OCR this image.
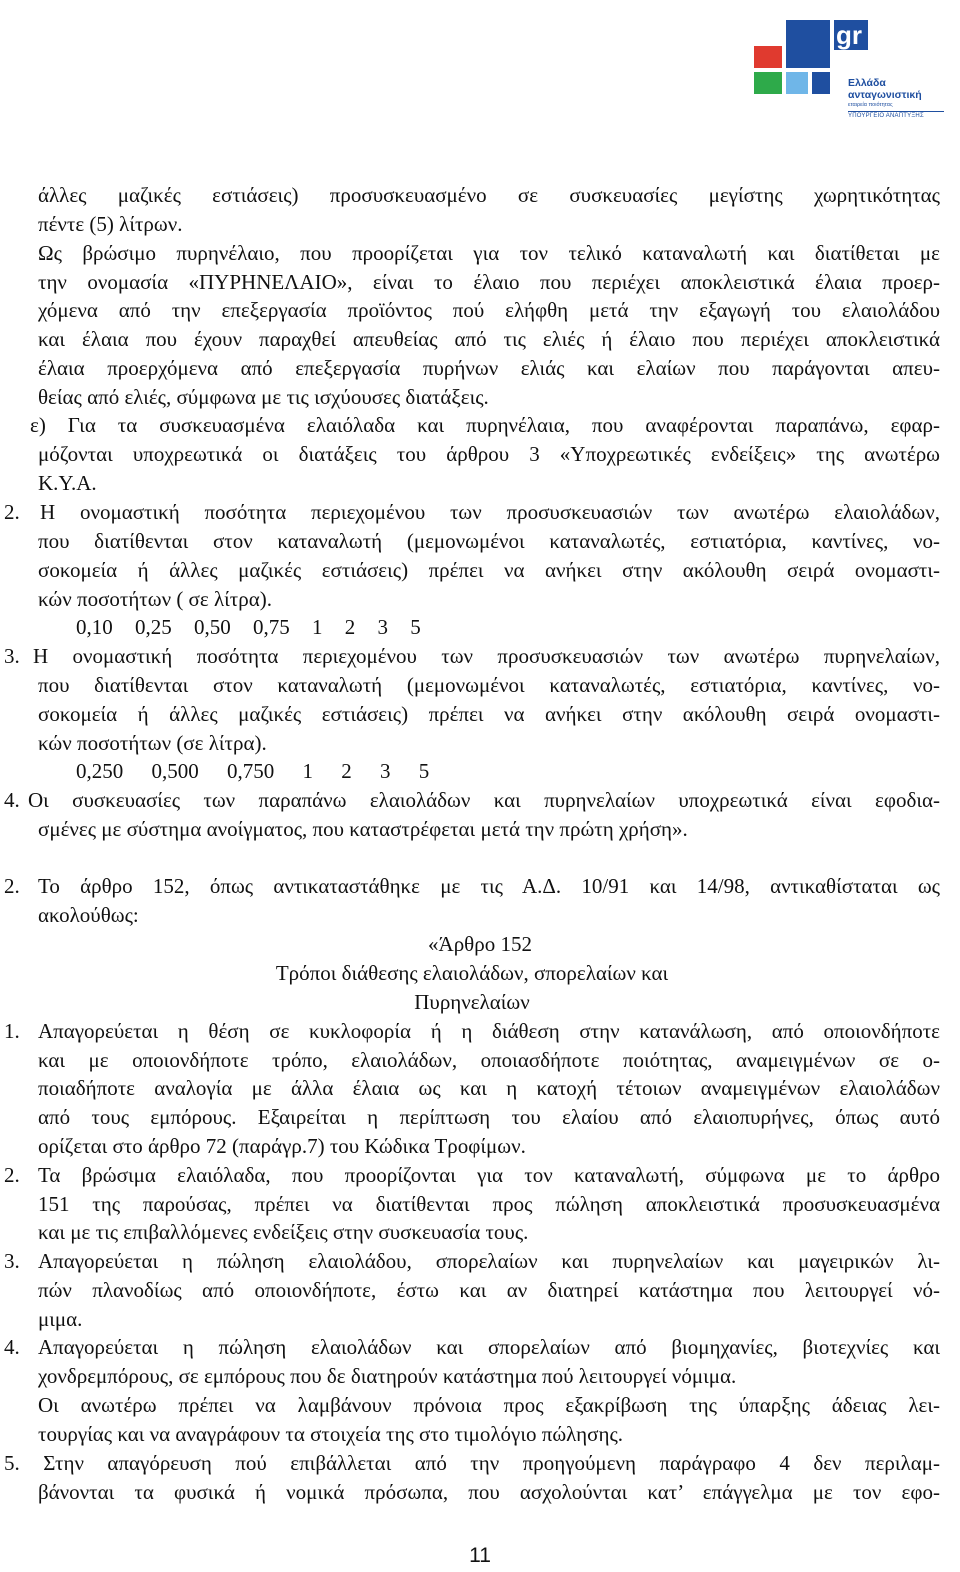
gr
Ελλάδα
ανταγωνιστική
εταιρεία ποιότητας
ΥΠΟΥΡΓΕΙΟ ΑΝΑΠΤΥΞΗΣ
άλλες μαζικές εστιάσεις) προσυσκευασμένο σε συσκευασίες μεγίστης χωρητικότητας
πέντε (5) λίτρων.
Ως βρώσιμο πυρηνέλαιο, που προορίζεται για τον τελικό καταναλωτή και διατίθεται με
την ονομασία «ΠΥΡΗΝΕΛΑΙΟ», είναι το έλαιο που περιέχει αποκλειστικά έλαια προερ-
χόμενα από την επεξεργασία προϊόντος πού ελήφθη μετά την εξαγωγή του ελαιολάδου
και έλαια που έχουν παραχθεί απευθείας από τις ελιές ή έλαιο που περιέχει αποκλειστικά
έλαια προερχόμενα από επεξεργασία πυρήνων ελιάς και ελαίων που παράγονται απευ-
θείας από ελιές, σύμφωνα με τις ισχύουσες διατάξεις.
ε) Για τα συσκευασμένα ελαιόλαδα και πυρηνέλαια, που αναφέρονται παραπάνω, εφαρ-
μόζονται υποχρεωτικά οι διατάξεις του άρθρου 3 «Υποχρεωτικές ενδείξεις» της ανωτέρω
Κ.Υ.Α.
2. Η ονομαστική ποσότητα περιεχομένου των προσυσκευασιών των ανωτέρω ελαιολάδων,
που διατίθενται στον καταναλωτή (μεμονωμένοι καταναλωτές, εστιατόρια, καντίνες, νο-
σοκομεία ή άλλες μαζικές εστιάσεις) πρέπει να ανήκει στην ακόλουθη σειρά ονομαστι-
κών ποσοτήτων ( σε λίτρα).
0,10 0,25 0,50 0,75 1 2 3 5
3. Η ονομαστική ποσότητα περιεχομένου των προσυσκευασιών των ανωτέρω πυρηνελαίων,
που διατίθενται στον καταναλωτή (μεμονωμένοι καταναλωτές, εστιατόρια, καντίνες, νο-
σοκομεία ή άλλες μαζικές εστιάσεις) πρέπει να ανήκει στην ακόλουθη σειρά ονομαστι-
κών ποσοτήτων (σε λίτρα).
0,250 0,500 0,750 1 2 3 5
4. Οι συσκευασίες των παραπάνω ελαιολάδων και πυρηνελαίων υποχρεωτικά είναι εφοδια-
σμένες με σύστημα ανοίγματος, που καταστρέφεται μετά την πρώτη χρήση».
2. Το άρθρο 152, όπως αντικαταστάθηκε με τις Α.Δ. 10/91 και 14/98, αντικαθίσταται ως
ακολούθως:
«Άρθρο 152
Τρόποι διάθεσης ελαιολάδων, σπορελαίων και
Πυρηνελαίων
1. Απαγορεύεται η θέση σε κυκλοφορία ή η διάθεση στην κατανάλωση, από οποιονδήποτε
και με οποιονδήποτε τρόπο, ελαιολάδων, οποιασδήποτε ποιότητας, αναμειγμένων σε ο-
ποιαδήποτε αναλογία με άλλα έλαια ως και η κατοχή τέτοιων αναμειγμένων ελαιολάδων
από τους εμπόρους. Εξαιρείται η περίπτωση του ελαίου από ελαιοπυρήνες, όπως αυτό
ορίζεται στο άρθρο 72 (παράγρ.7) του Κώδικα Τροφίμων.
2. Τα βρώσιμα ελαιόλαδα, που προορίζονται για τον καταναλωτή, σύμφωνα με το άρθρο
151 της παρούσας, πρέπει να διατίθενται προς πώληση αποκλειστικά προσυσκευασμένα
και με τις επιβαλλόμενες ενδείξεις στην συσκευασία τους.
3. Απαγορεύεται η πώληση ελαιολάδου, σπορελαίων και πυρηνελαίων και μαγειρικών λι-
πών πλανοδίως από οποιονδήποτε, έστω και αν διατηρεί κατάστημα που λειτουργεί νό-
μιμα.
4. Απαγορεύεται η πώληση ελαιολάδων και σπορελαίων από βιομηχανίες, βιοτεχνίες και
χονδρεμπόρους, σε εμπόρους που δε διατηρούν κατάστημα πού λειτουργεί νόμιμα.
Οι ανωτέρω πρέπει να λαμβάνουν πρόνοια προς εξακρίβωση της ύπαρξης άδειας λει-
τουργίας και να αναγράφουν τα στοιχεία της στο τιμολόγιο πώλησης.
5. Στην απαγόρευση πού επιβάλλεται από την προηγούμενη παράγραφο 4 δεν περιλαμ-
βάνονται τα φυσικά ή νομικά πρόσωπα, που ασχολούνται κατ’ επάγγελμα με τον εφο-
11
